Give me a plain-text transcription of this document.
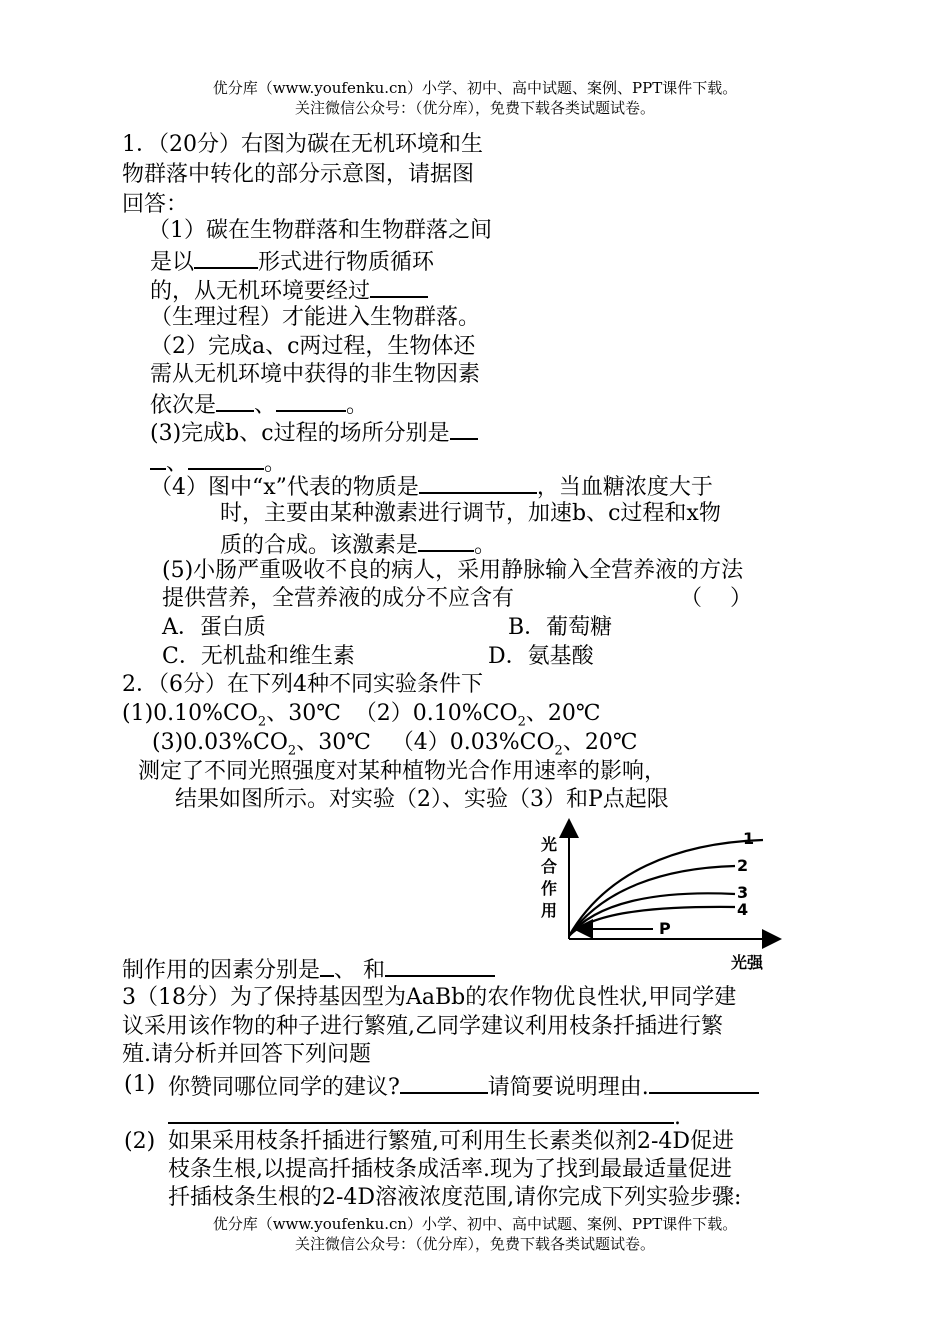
优分库（www.youfenku.cn）小学、初中、高中试题、案例、PPT课件下载。
关注微信公众号：（优分库），免费下载各类试题试卷。
1．（20分）右图为碳在无机环境和生
物群落中转化的部分示意图，请据图
回答：
（1）碳在生物群落和生物群落之间
是以	形式进行物质循环
的，从无机环境要经过
（生理过程）才能进入生物群落。
（2）完成a、c两过程，生物体还
需从无机环境中获得的非生物因素
依次是 、	。
(3)完成b、c过程的场所分别是
、	。
（4）图中“x”代表的物质是	，当血糖浓度大于
时，主要由某种激素进行调节，加速b、c过程和x物
质的合成。该激素是	。
(5)小肠严重吸收不良的病人，采用静脉输入全营养液的方法
提供营养，全营养液的成分不应含有	（    ）
A．蛋白质	B．葡萄糖
C．无机盐和维生素	D．氨基酸
2．（6分）在下列4种不同实验条件下
$(1)0.10\%CO_2$、30℃  $(2)0.10\%CO_2$、20℃
$(3)0.03\%CO_2$、30℃   $(4)0.03\%CO_2$、20℃
测定了不同光照强度对某种植物光合作用速率的影响，
结果如图所示。对实验（2）、实验（3）和P点起限
光
合
作
用
1
2
3
4
P
光强
制作用的因素分别是 、 和
3（18分）为了保持基因型为AaBb的农作物优良性状,甲同学建
议采用该作物的种子进行繁殖,乙同学建议利用枝条扦插进行繁
殖.请分析并回答下列问题
(1) 你赞同哪位同学的建议?	请简要说明理由.
.
(2) 如果采用枝条扦插进行繁殖,可利用生长素类似剂2-4D促进
枝条生根,以提高扦插枝条成活率.现为了找到最最适量促进
扦插枝条生根的2-4D溶液浓度范围,请你完成下列实验步骤:
优分库（www.youfenku.cn）小学、初中、高中试题、案例、PPT课件下载。
关注微信公众号：（优分库），免费下载各类试题试卷。
